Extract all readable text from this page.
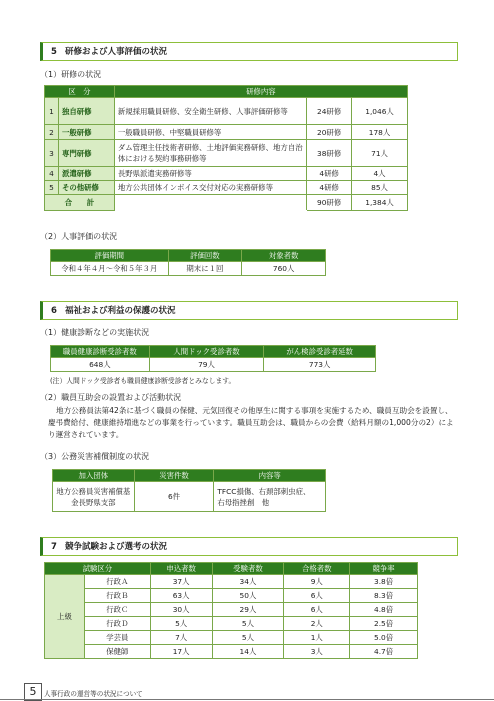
5 研修および人事評価の状況
（1）研修の状況
区　分		研修内容		
1	独自研修	新規採用職員研修、安全衛生研修、人事評価研修等	24研修	1,046人
2	一般研修	一般職員研修、中堅職員研修等	20研修	178人
3	専門研修	ダム管理主任技術者研修、土地評価実務研修、地方自治体における契約事務研修等	38研修	71人
4	派遣研修	長野県派遣実務研修等	4研修	4人
5	その他研修	地方公共団体インボイス交付対応の実務研修等	4研修	85人
合　　計			90研修	1,384人
（2）人事評価の状況
評価期間	評価回数	対象者数
令和４年４月～令和５年３月	期末に１回	760人
6 福祉および利益の保護の状況
（1）健康診断などの実施状況
職員健康診断受診者数	人間ドック受診者数	がん検診受診者延数
648人	79人	773人
(注）人間ドック受診者も職員健康診断受診者とみなします。
（2）職員互助会の設置および活動状況
地方公務員法第42条に基づく職員の保健、元気回復その他厚生に関する事項を実施するため、職員互助会を設置し、慶弔費給付、健康維持増進などの事業を行っています。職員互助会は、職員からの会費（給料月額の1,000分の2）により運営されています。
（3）公務災害補償制度の状況
加入団体	災害件数	内容等
地方公務員災害補償基金長野県支部	6件	TFCC損傷、右頚部刺虫症、
右母指挫創　他
7 競争試験および選考の状況
試験区分		申込者数	受験者数	合格者数	競争率
上級	行政Ａ	37人	34人	9人	3.8倍
	行政Ｂ	63人	50人	6人	8.3倍
	行政Ｃ	30人	29人	6人	4.8倍
	行政Ｄ	5人	5人	2人	2.5倍
	学芸員	7人	5人	1人	5.0倍
	保健師	17人	14人	3人	4.7倍
5	人事行政の運営等の状況について
